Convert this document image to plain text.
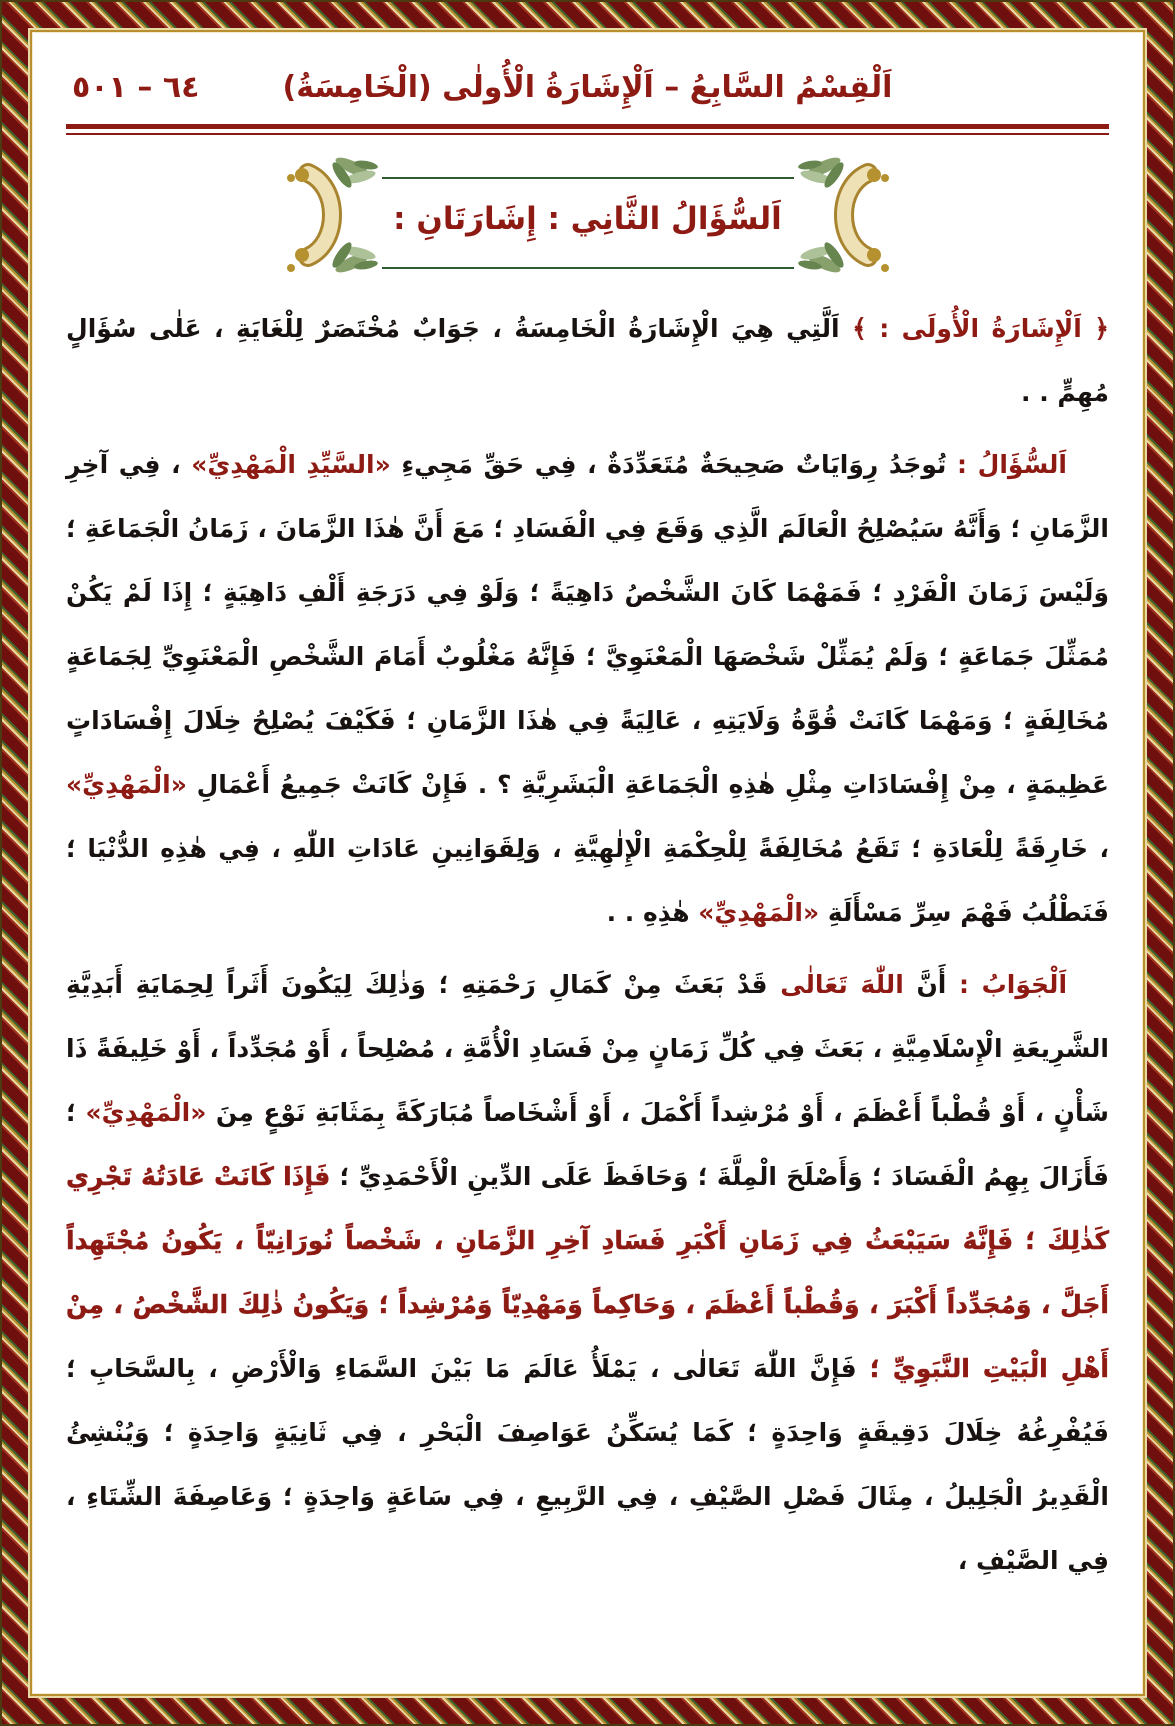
اَلْقِسْمُ السَّابِعُ – اَلْإِشَارَةُ الْأُولٰى (الْخَامِسَةُ)
٦٤ – ٥٠١
اَلسُّؤَالُ الثَّانِي : إِشَارَتَانِ :

﴿ اَلْإِشَارَةُ الْأُولَى : ﴾ اَلَّتِي هِيَ الْإِشَارَةُ الْخَامِسَةُ ، جَوَابٌ مُخْتَصَرٌ لِلْغَايَةِ ، عَلٰى سُؤَالٍ مُهِمٍّ . .

اَلسُّؤَالُ : تُوجَدُ رِوَايَاتٌ صَحِيحَةٌ مُتَعَدِّدَةٌ ، فِي حَقِّ مَجِيءِ «السَّيِّدِ الْمَهْدِيِّ» ، فِي آخِرِ الزَّمَانِ ؛ وَأَنَّهُ سَيُصْلِحُ الْعَالَمَ الَّذِي وَقَعَ فِي الْفَسَادِ ؛ مَعَ أَنَّ هٰذَا الزَّمَانَ ، زَمَانُ الْجَمَاعَةِ ؛ وَلَيْسَ زَمَانَ الْفَرْدِ ؛ فَمَهْمَا كَانَ الشَّخْصُ دَاهِيَةً ؛ وَلَوْ فِي دَرَجَةِ أَلْفِ دَاهِيَةٍ ؛ إِذَا لَمْ يَكُنْ مُمَثِّلَ جَمَاعَةٍ ؛ وَلَمْ يُمَثِّلْ شَخْصَهَا الْمَعْنَوِيَّ ؛ فَإِنَّهُ مَغْلُوبٌ أَمَامَ الشَّخْصِ الْمَعْنَوِيِّ لِجَمَاعَةٍ مُخَالِفَةٍ ؛ وَمَهْمَا كَانَتْ قُوَّةُ وَلَايَتِهِ ، عَالِيَةً فِي هٰذَا الزَّمَانِ ؛ فَكَيْفَ يُصْلِحُ خِلَالَ إِفْسَادَاتٍ عَظِيمَةٍ ، مِنْ إِفْسَادَاتِ مِثْلِ هٰذِهِ الْجَمَاعَةِ الْبَشَرِيَّةِ ؟ . فَإِنْ كَانَتْ جَمِيعُ أَعْمَالِ «الْمَهْدِيِّ» ، خَارِقَةً لِلْعَادَةِ ؛ تَقَعُ مُخَالِفَةً لِلْحِكْمَةِ الْإِلٰهِيَّةِ ، وَلِقَوَانِينِ عَادَاتِ اللّٰهِ ، فِي هٰذِهِ الدُّنْيَا ؛ فَنَطْلُبُ فَهْمَ سِرِّ مَسْأَلَةِ «الْمَهْدِيِّ» هٰذِهِ . .

اَلْجَوَابُ : أَنَّ اللّٰهَ تَعَالٰى قَدْ بَعَثَ مِنْ كَمَالِ رَحْمَتِهِ ؛ وَذٰلِكَ لِيَكُونَ أَثَراً لِحِمَايَةِ أَبَدِيَّةِ الشَّرِيعَةِ الْإِسْلَامِيَّةِ ، بَعَثَ فِي كُلِّ زَمَانٍ مِنْ فَسَادِ الْأُمَّةِ ، مُصْلِحاً ، أَوْ مُجَدِّداً ، أَوْ خَلِيفَةً ذَا شَأْنٍ ، أَوْ قُطْباً أَعْظَمَ ، أَوْ مُرْشِداً أَكْمَلَ ، أَوْ أَشْخَاصاً مُبَارَكَةً بِمَثَابَةِ نَوْعٍ مِنَ «الْمَهْدِيِّ» ؛ فَأَزَالَ بِهِمُ الْفَسَادَ ؛ وَأَصْلَحَ الْمِلَّةَ ؛ وَحَافَظَ عَلَى الدِّينِ الْأَحْمَدِيِّ ؛ فَإِذَا كَانَتْ عَادَتُهُ تَجْرِي كَذٰلِكَ ؛ فَإِنَّهُ سَيَبْعَثُ فِي زَمَانِ أَكْبَرِ فَسَادِ آخِرِ الزَّمَانِ ، شَخْصاً نُورَانِيّاً ، يَكُونُ مُجْتَهِداً أَجَلَّ ، وَمُجَدِّداً أَكْبَرَ ، وَقُطْباً أَعْظَمَ ، وَحَاكِماً وَمَهْدِيّاً وَمُرْشِداً ؛ وَيَكُونُ ذٰلِكَ الشَّخْصُ ، مِنْ أَهْلِ الْبَيْتِ النَّبَوِيِّ ؛ فَإِنَّ اللّٰهَ تَعَالٰى ، يَمْلَأُ عَالَمَ مَا بَيْنَ السَّمَاءِ وَالْأَرْضِ ، بِالسَّحَابِ ؛ فَيُفْرِغُهُ خِلَالَ دَقِيقَةٍ وَاحِدَةٍ ؛ كَمَا يُسَكِّنُ عَوَاصِفَ الْبَحْرِ ، فِي ثَانِيَةٍ وَاحِدَةٍ ؛ وَيُنْشِئُ الْقَدِيرُ الْجَلِيلُ ، مِثَالَ فَصْلِ الصَّيْفِ ، فِي الرَّبِيعِ ، فِي سَاعَةٍ وَاحِدَةٍ ؛ وَعَاصِفَةَ الشِّتَاءِ ، فِي الصَّيْفِ ،
